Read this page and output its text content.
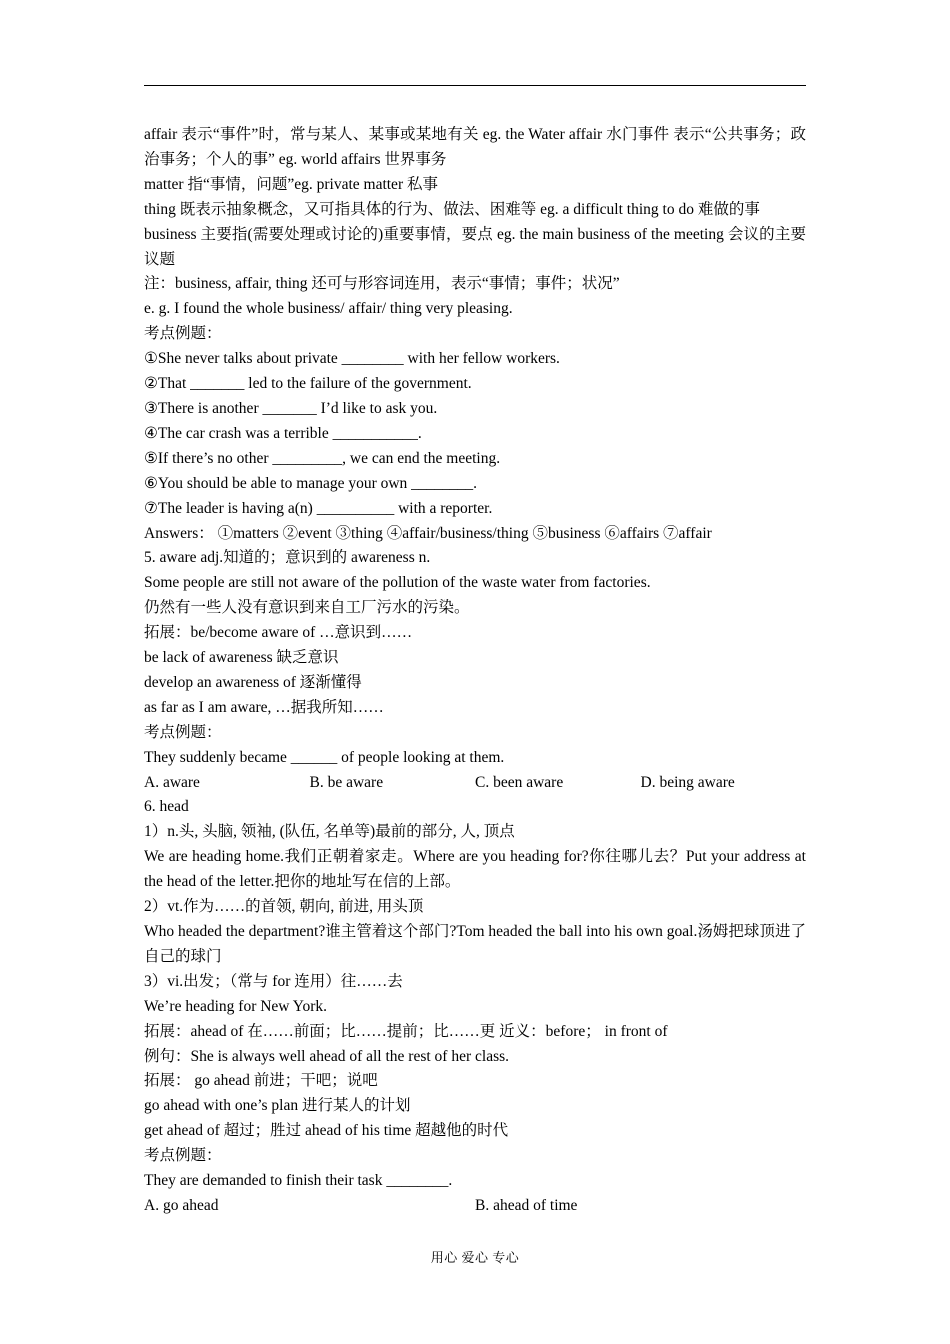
affair 表示“事件”时，常与某人、某事或某地有关 eg. the Water affair 水门事件 表示“公共事务；政治事务；个人的事” eg. world affairs 世界事务
matter 指“事情，问题”eg. private matter 私事
thing 既表示抽象概念，又可指具体的行为、做法、困难等 eg. a difficult thing to do 难做的事
business 主要指(需要处理或讨论的)重要事情，要点 eg. the main business of the meeting 会议的主要议题
注：business, affair, thing 还可与形容词连用，表示“事情；事件；状况”
e. g. I found the whole business/ affair/ thing very pleasing.
考点例题：
①She never talks about private ________ with her fellow workers.
②That _______ led to the failure of the government.
③There is another _______ I’d like to ask you.
④The car crash was a terrible ___________.
⑤If there’s no other _________, we can end the meeting.
⑥You should be able to manage your own ________.
⑦The leader is having a(n) __________ with a reporter.
Answers： ①matters ②event ③thing ④affair/business/thing ⑤business ⑥affairs ⑦affair
5. aware adj.知道的；意识到的 awareness n.
Some people are still not aware of the pollution of the waste water from factories.
仍然有一些人没有意识到来自工厂污水的污染。
拓展：be/become aware of …意识到……
be lack of awareness 缺乏意识
develop an awareness of 逐渐懂得
as far as I am aware, …据我所知……
考点例题：
They suddenly became ______ of people looking at them.
A. aware	B. be aware	C. been aware	D. being aware
6. head
1）n.头, 头脑, 领袖, (队伍, 名单等)最前的部分, 人, 顶点
We are heading home.我们正朝着家走。Where are you heading for?你往哪儿去？Put your address at the head of the letter.把你的地址写在信的上部。
2）vt.作为……的首领, 朝向, 前进, 用头顶
Who headed the department?谁主管着这个部门?Tom headed the ball into his own goal.汤姆把球顶进了自己的球门
3）vi.出发；（常与 for 连用）往……去
We’re heading for New York.
拓展：ahead of 在……前面；比……提前；比……更 近义：before； in front of
例句：She is always well ahead of all the rest of her class.
拓展： go ahead 前进；干吧；说吧
go ahead with one’s plan 进行某人的计划
get ahead of 超过；胜过 ahead of his time 超越他的时代
考点例题：
They are demanded to finish their task ________.
A. go ahead	B. ahead of time
用心 爱心 专心
